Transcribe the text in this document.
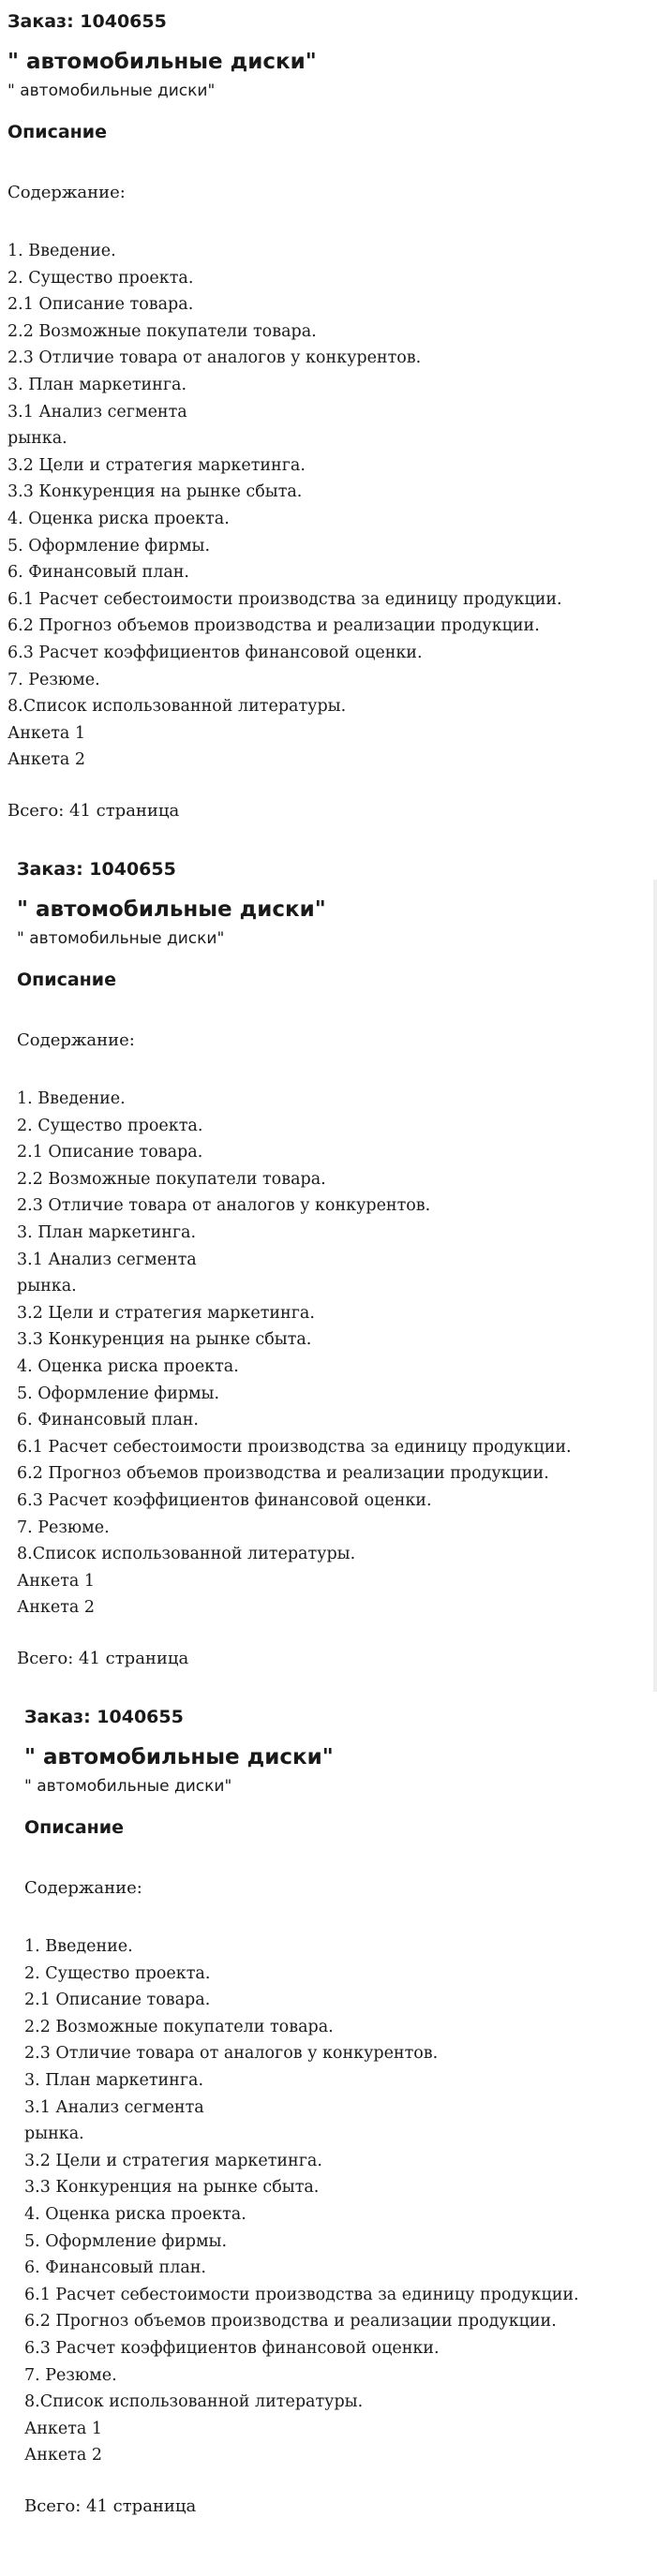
Заказ: 1040655

" автомобильные диски"

" автомобильные диски"

Описание

Содержание:

1. Введение.
2. Существо проекта.
2.1 Описание товара.
2.2 Возможные покупатели товара.
2.3 Отличие товара от аналогов у конкурентов.
3. План маркетинга.
3.1 Анализ сегмента
рынка.
3.2 Цели и стратегия маркетинга.
3.3 Конкуренция на рынке сбыта.
4. Оценка риска проекта.
5. Оформление фирмы.
6. Финансовый план.
6.1 Расчет себестоимости производства за единицу продукции.
6.2 Прогноз объемов производства и реализации продукции.
6.3 Расчет коэффициентов финансовой оценки.
7. Резюме.
8.Список использованной литературы.
Анкета 1
Анкета 2

Всего: 41 страница

Заказ: 1040655

" автомобильные диски"

" автомобильные диски"

Описание

Содержание:

1. Введение.
2. Существо проекта.
2.1 Описание товара.
2.2 Возможные покупатели товара.
2.3 Отличие товара от аналогов у конкурентов.
3. План маркетинга.
3.1 Анализ сегмента
рынка.
3.2 Цели и стратегия маркетинга.
3.3 Конкуренция на рынке сбыта.
4. Оценка риска проекта.
5. Оформление фирмы.
6. Финансовый план.
6.1 Расчет себестоимости производства за единицу продукции.
6.2 Прогноз объемов производства и реализации продукции.
6.3 Расчет коэффициентов финансовой оценки.
7. Резюме.
8.Список использованной литературы.
Анкета 1
Анкета 2

Всего: 41 страница

Заказ: 1040655

" автомобильные диски"

" автомобильные диски"

Описание

Содержание:

1. Введение.
2. Существо проекта.
2.1 Описание товара.
2.2 Возможные покупатели товара.
2.3 Отличие товара от аналогов у конкурентов.
3. План маркетинга.
3.1 Анализ сегмента
рынка.
3.2 Цели и стратегия маркетинга.
3.3 Конкуренция на рынке сбыта.
4. Оценка риска проекта.
5. Оформление фирмы.
6. Финансовый план.
6.1 Расчет себестоимости производства за единицу продукции.
6.2 Прогноз объемов производства и реализации продукции.
6.3 Расчет коэффициентов финансовой оценки.
7. Резюме.
8.Список использованной литературы.
Анкета 1
Анкета 2

Всего: 41 страница
